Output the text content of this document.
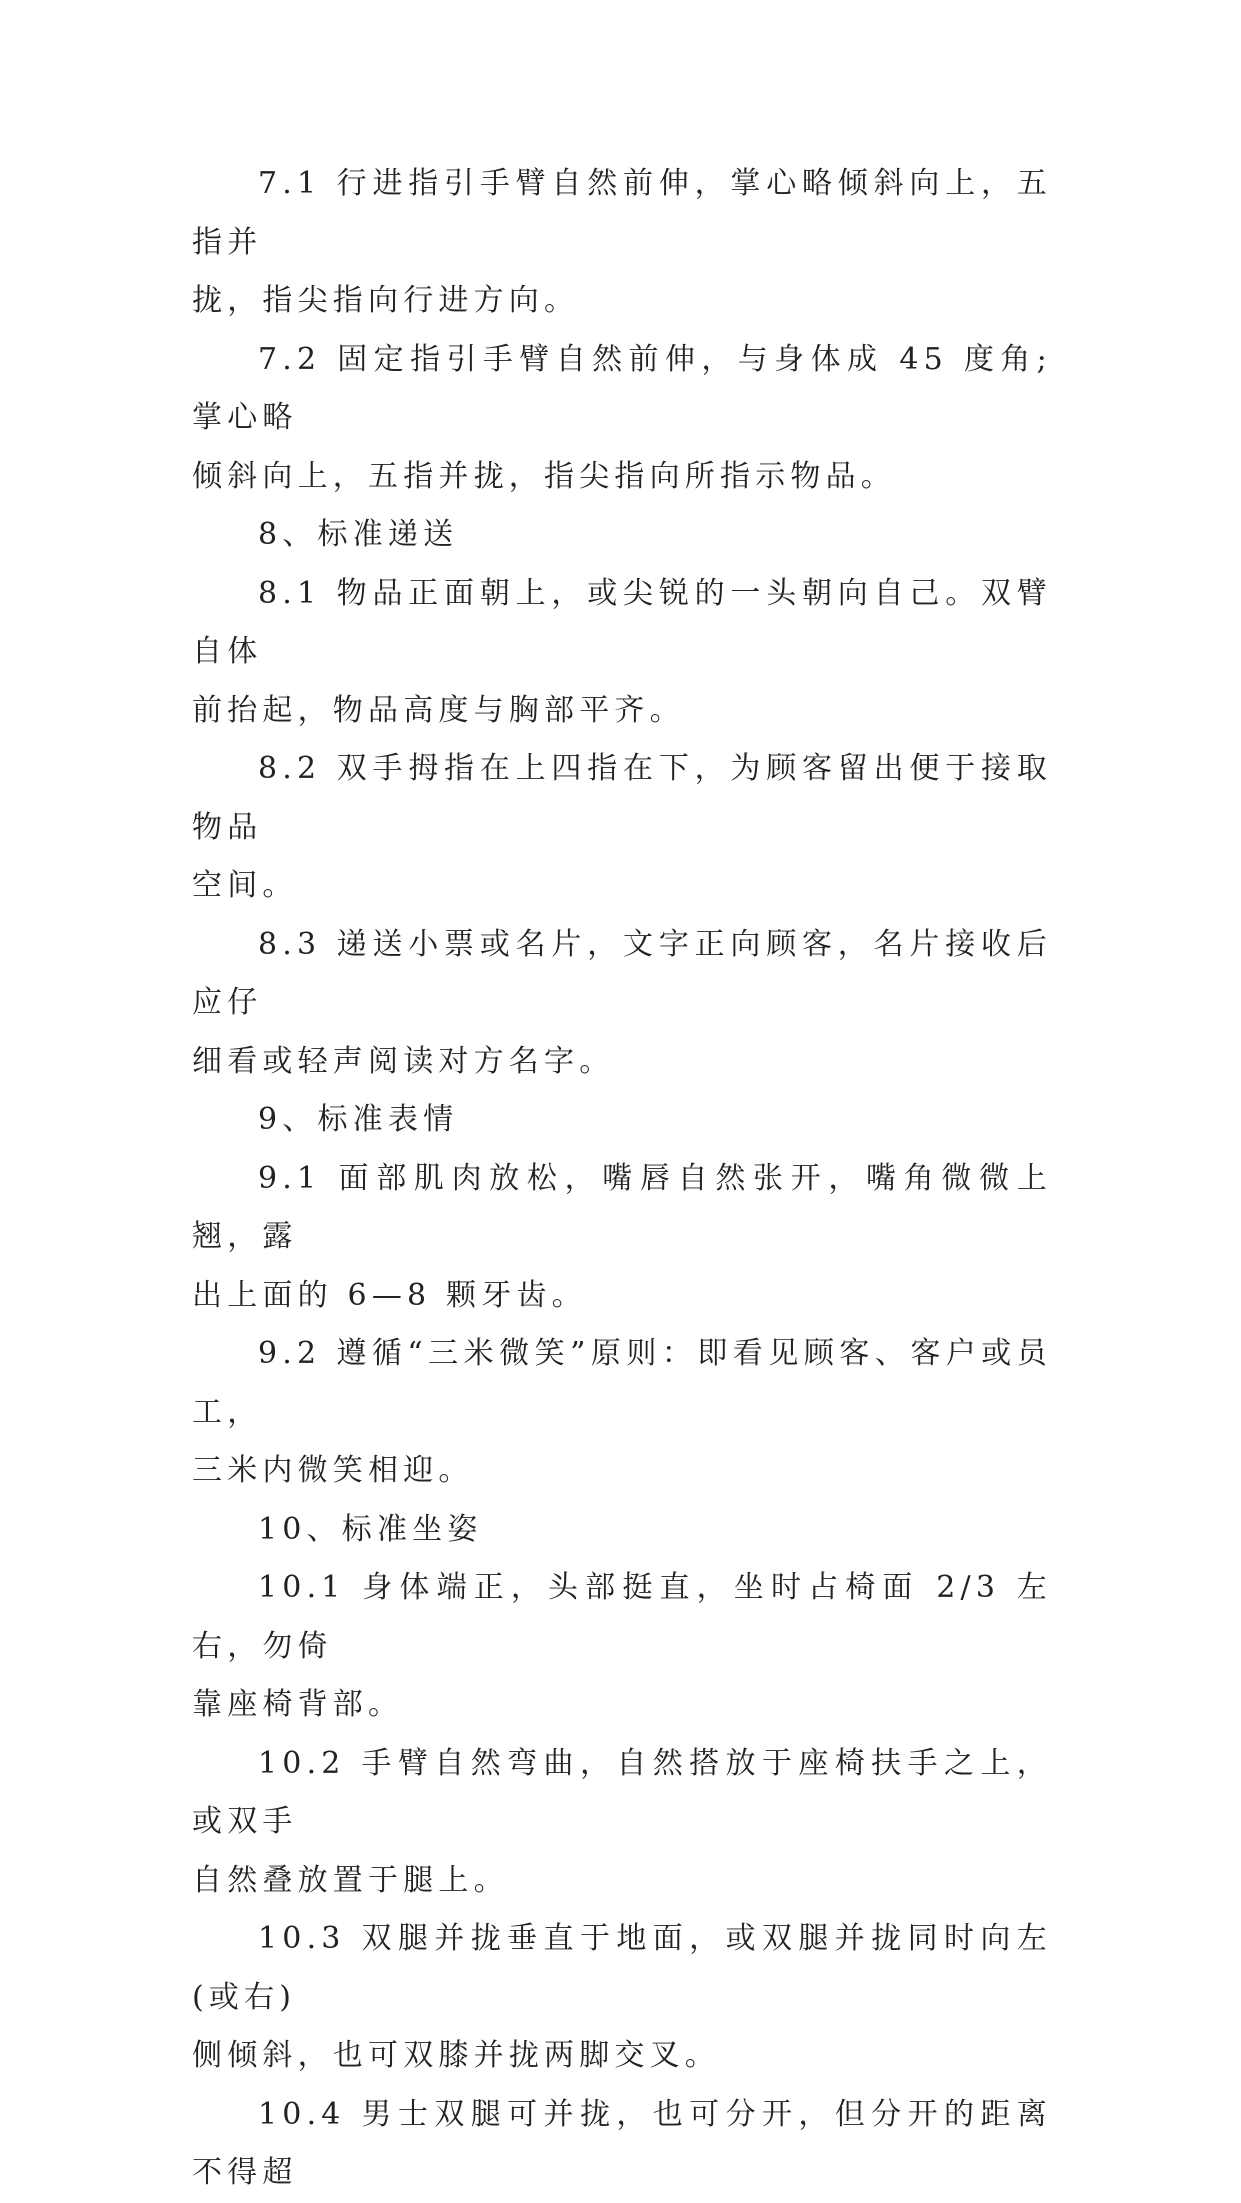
7.1 行进指引手臂自然前伸，掌心略倾斜向上，五指并
拢，指尖指向行进方向。

7.2 固定指引手臂自然前伸，与身体成 45 度角;掌心略
倾斜向上，五指并拢，指尖指向所指示物品。

8、标准递送

8.1 物品正面朝上，或尖锐的一头朝向自己。双臂自体
前抬起，物品高度与胸部平齐。

8.2 双手拇指在上四指在下，为顾客留出便于接取物品
空间。

8.3 递送小票或名片，文字正向顾客，名片接收后应仔
细看或轻声阅读对方名字。

9、标准表情

9.1 面部肌肉放松，嘴唇自然张开，嘴角微微上翘，露
出上面的 6—8 颗牙齿。

9.2 遵循“三米微笑”原则：即看见顾客、客户或员工，
三米内微笑相迎。

10、标准坐姿

10.1 身体端正，头部挺直，坐时占椅面 2/3 左右，勿倚
靠座椅背部。

10.2 手臂自然弯曲，自然搭放于座椅扶手之上，或双手
自然叠放置于腿上。

10.3 双腿并拢垂直于地面，或双腿并拢同时向左(或右)
侧倾斜，也可双膝并拢两脚交叉。

10.4 男士双腿可并拢，也可分开，但分开的距离不得超
